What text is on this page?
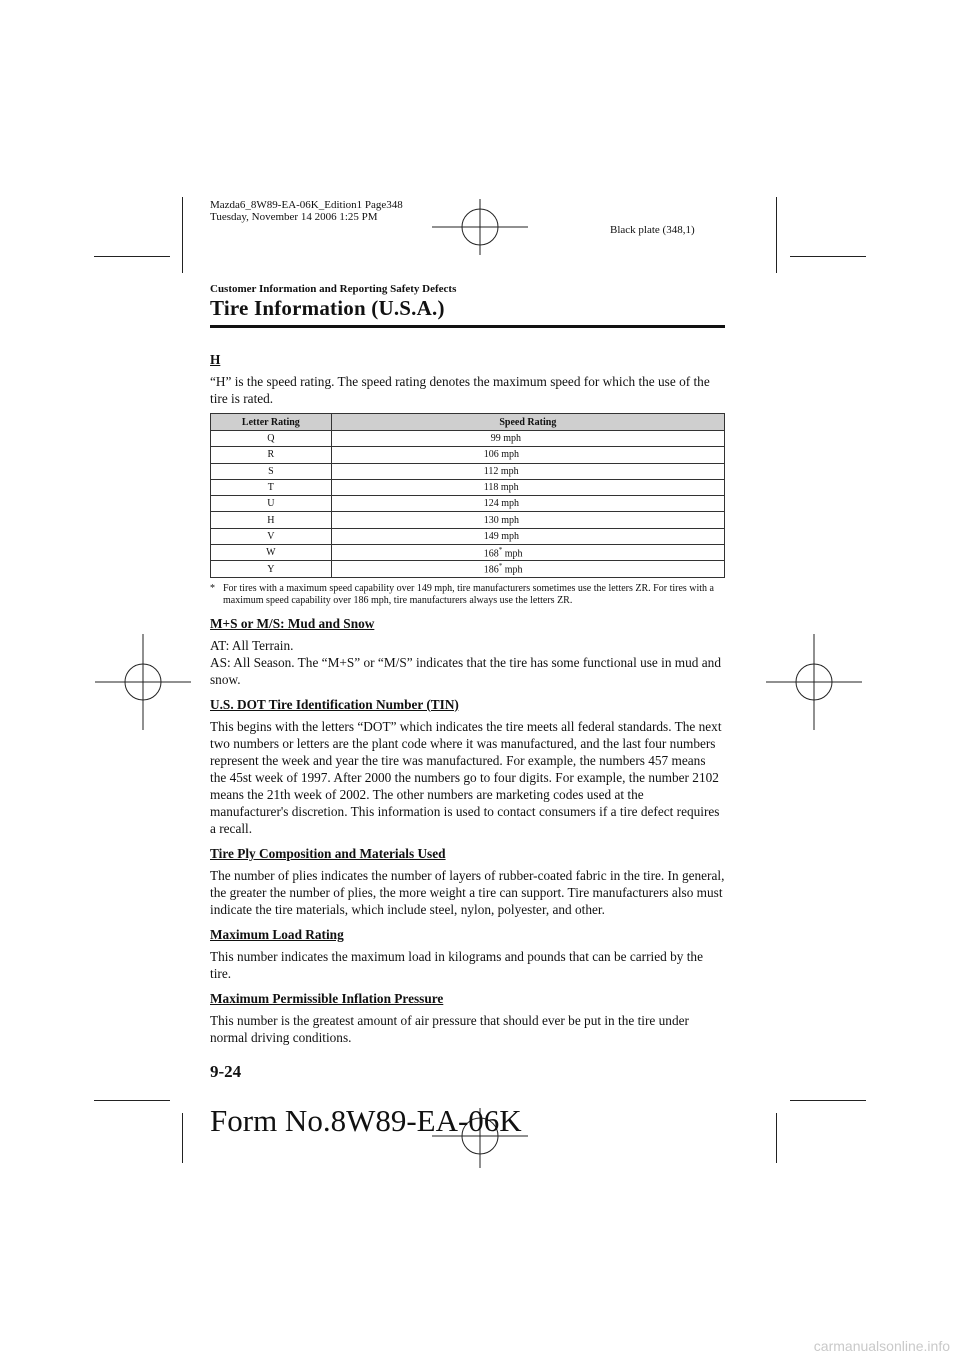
Mazda6_8W89-EA-06K_Edition1 Page348
Tuesday, November 14 2006 1:25 PM
Black plate (348,1)
Customer Information and Reporting Safety Defects
Tire Information (U.S.A.)

H

“H” is the speed rating. The speed rating denotes the maximum speed for which the use of the tire is rated.

Letter Rating	Speed Rating
Q	99 mph
R	106 mph
S	112 mph
T	118 mph
U	124 mph
H	130 mph
V	149 mph
W	168* mph
Y	186* mph
* For tires with a maximum speed capability over 149 mph, tire manufacturers sometimes use the letters ZR. For tires with a maximum speed capability over 186 mph, tire manufacturers always use the letters ZR.

M+S or M/S: Mud and Snow

AT: All Terrain.

AS: All Season. The “M+S” or “M/S” indicates that the tire has some functional use in mud and snow.

U.S. DOT Tire Identification Number (TIN)

This begins with the letters “DOT” which indicates the tire meets all federal standards. The next two numbers or letters are the plant code where it was manufactured, and the last four numbers represent the week and year the tire was manufactured. For example, the numbers 457 means the 45st week of 1997. After 2000 the numbers go to four digits. For example, the number 2102 means the 21th week of 2002. The other numbers are marketing codes used at the manufacturer's discretion. This information is used to contact consumers if a tire defect requires a recall.

Tire Ply Composition and Materials Used

The number of plies indicates the number of layers of rubber-coated fabric in the tire. In general, the greater the number of plies, the more weight a tire can support. Tire manufacturers also must indicate the tire materials, which include steel, nylon, polyester, and other.

Maximum Load Rating

This number indicates the maximum load in kilograms and pounds that can be carried by the tire.

Maximum Permissible Inflation Pressure

This number is the greatest amount of air pressure that should ever be put in the tire under normal driving conditions.

9-24
Form No.8W89-EA-06K
carmanualsonline.info
